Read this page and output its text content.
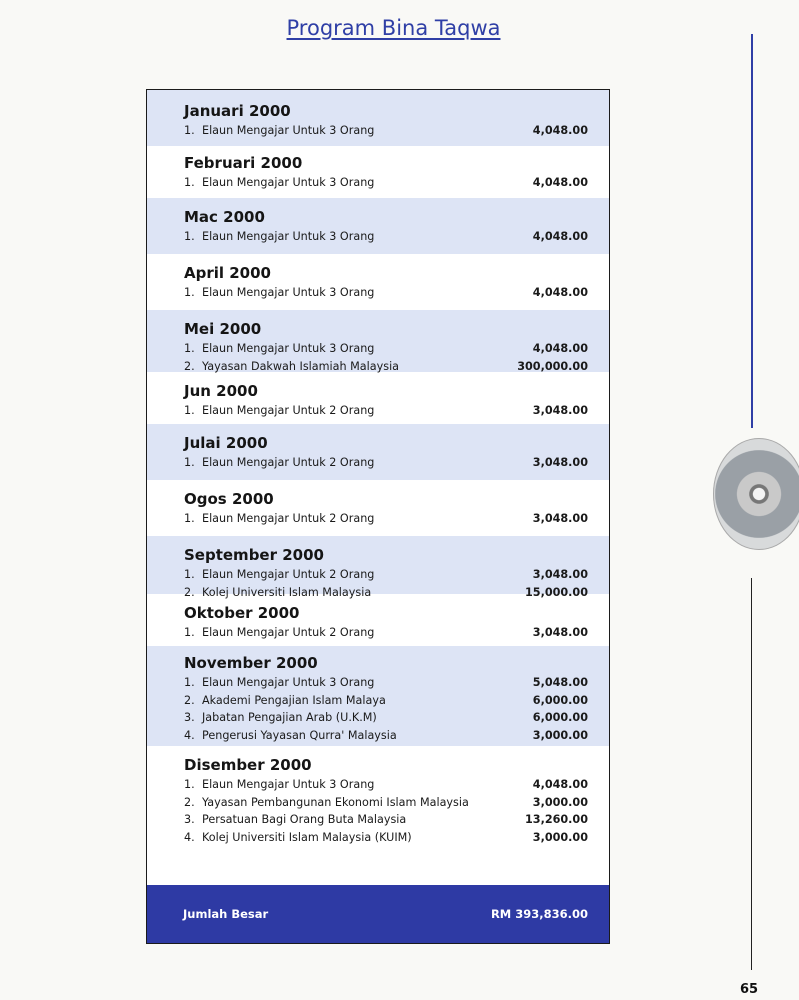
Program Bina Taqwa
Januari 2000
1. Elaun Mengajar Untuk 3 Orang	4,048.00
Februari 2000
1. Elaun Mengajar Untuk 3 Orang	4,048.00
Mac 2000
1. Elaun Mengajar Untuk 3 Orang	4,048.00
April 2000
1. Elaun Mengajar Untuk 3 Orang	4,048.00
Mei 2000
1. Elaun Mengajar Untuk 3 Orang	4,048.00
2. Yayasan Dakwah Islamiah Malaysia	300,000.00
Jun 2000
1. Elaun Mengajar Untuk 2 Orang	3,048.00
Julai 2000
1. Elaun Mengajar Untuk 2 Orang	3,048.00
Ogos 2000
1. Elaun Mengajar Untuk 2 Orang	3,048.00
September 2000
1. Elaun Mengajar Untuk 2 Orang	3,048.00
2. Kolej Universiti Islam Malaysia	15,000.00
Oktober 2000
1. Elaun Mengajar Untuk 2 Orang	3,048.00
November 2000
1. Elaun Mengajar Untuk 3 Orang	5,048.00
2. Akademi Pengajian Islam Malaya	6,000.00
3. Jabatan Pengajian Arab (U.K.M)	6,000.00
4. Pengerusi Yayasan Qurra' Malaysia	3,000.00
Disember 2000
1. Elaun Mengajar Untuk 3 Orang	4,048.00
2. Yayasan Pembangunan Ekonomi Islam Malaysia	3,000.00
3. Persatuan Bagi Orang Buta Malaysia	13,260.00
4. Kolej Universiti Islam Malaysia (KUIM)	3,000.00
Jumlah Besar	RM 393,836.00
65
